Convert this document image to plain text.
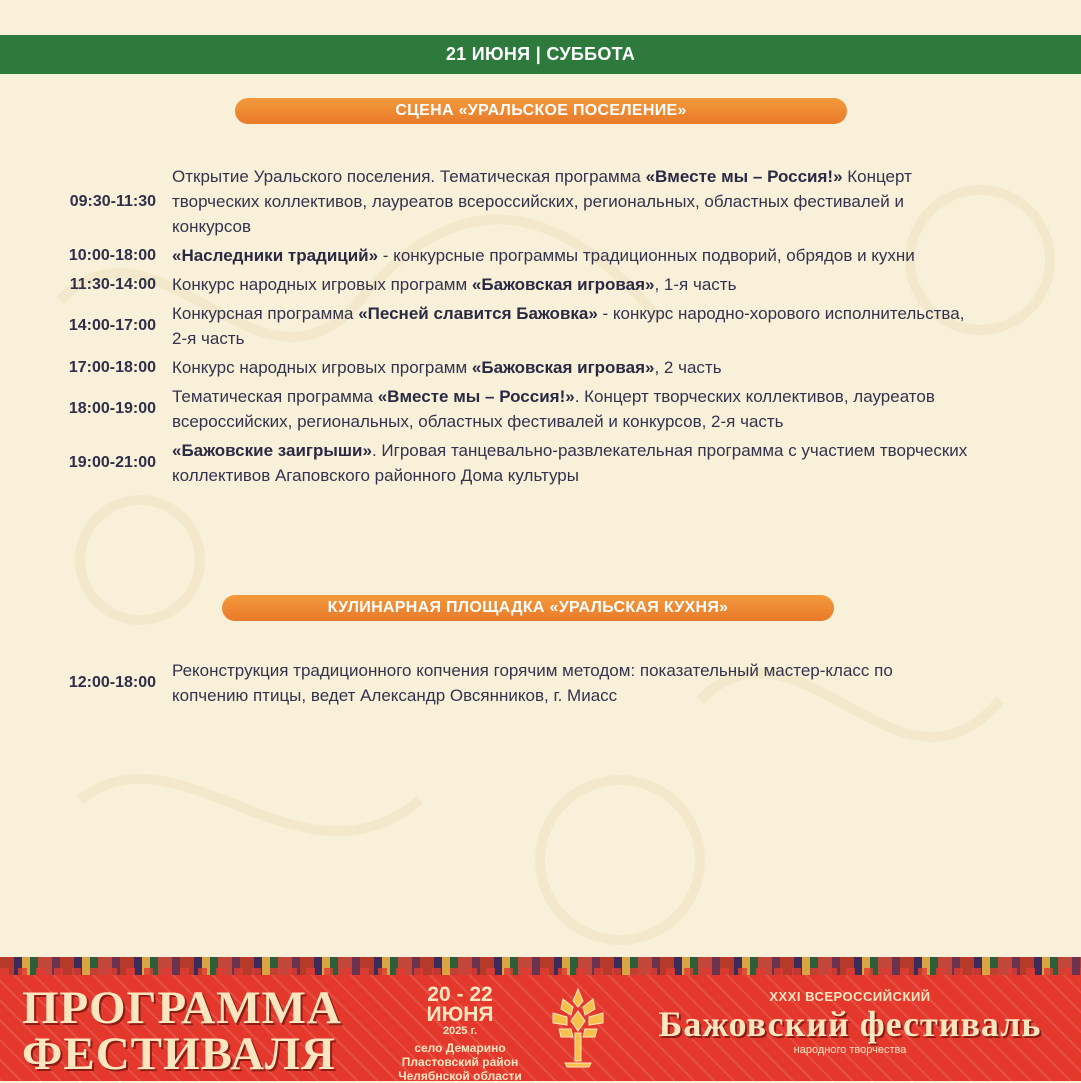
21 ИЮНЯ | СУББОТА
СЦЕНА «УРАЛЬСКОЕ ПОСЕЛЕНИЕ»
09:30-11:30
Открытие Уральского поселения. Тематическая программа «Вместе мы – Россия!» Концерт творческих коллективов, лауреатов всероссийских, региональных, областных фестивалей и конкурсов
10:00-18:00 «Наследники традиций» - конкурсные программы традиционных подворий, обрядов и кухни
11:30-14:00 Конкурс народных игровых программ «Бажовская игровая», 1-я часть
14:00-17:00
Конкурсная программа «Песней славится Бажовка» - конкурс народно-хорового исполнительства, 2-я часть
17:00-18:00 Конкурс народных игровых программ «Бажовская игровая», 2 часть
18:00-19:00
Тематическая программа «Вместе мы – Россия!». Концерт творческих коллективов, лауреатов всероссийских, региональных, областных фестивалей и конкурсов, 2-я часть
19:00-21:00
«Бажовские заигрыши». Игровая танцевально-развлекательная программа с участием творческих коллективов Агаповского районного Дома культуры
КУЛИНАРНАЯ ПЛОЩАДКА «УРАЛЬСКАЯ КУХНЯ»
12:00-18:00
Реконструкция традиционного копчения горячим методом: показательный мастер-класс по копчению птицы, ведет Александр Овсянников, г. Миасс
ПРОГРАММА
ФЕСТИВАЛЯ
20 - 22
ИЮНЯ
2025 г.
село Демарино
Пластовский район
Челябнской области
XXXI ВСЕРОССИЙСКИЙ
Бажовский фестиваль
народного творчества
